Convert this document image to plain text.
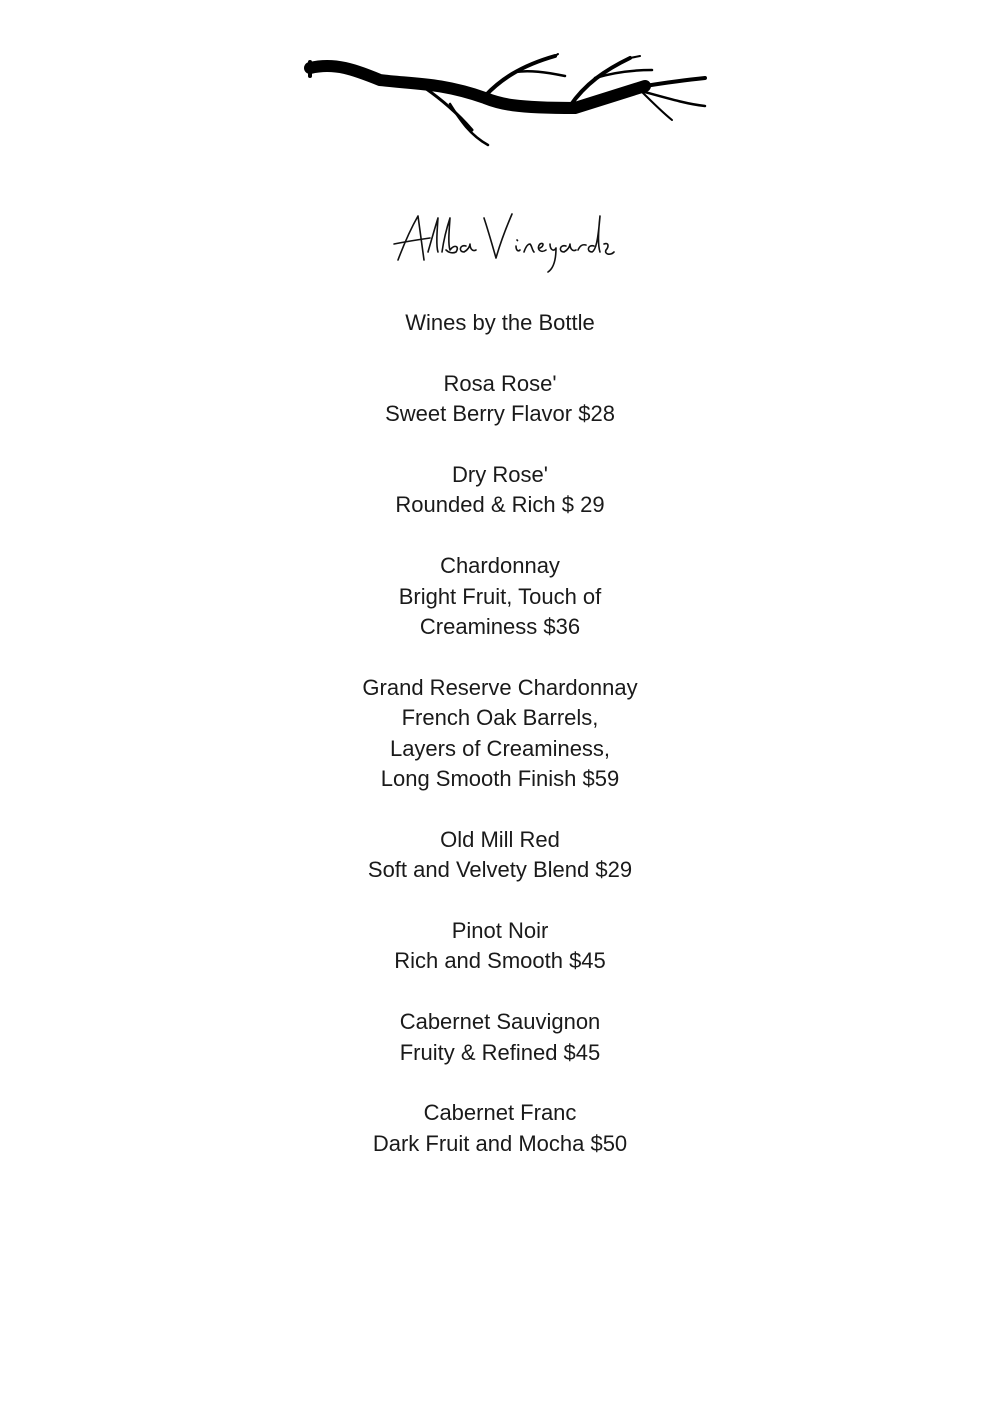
Wines by the Bottle
Rosa Rose'
Sweet Berry Flavor $28
Dry Rose'
Rounded & Rich $ 29
Chardonnay
Bright Fruit, Touch of
Creaminess $36
Grand Reserve Chardonnay
French Oak Barrels,
Layers of Creaminess,
Long Smooth Finish $59
Old Mill Red
Soft and Velvety Blend $29
Pinot Noir
Rich and Smooth $45
Cabernet Sauvignon
Fruity & Refined $45
Cabernet Franc
Dark Fruit and Mocha $50
